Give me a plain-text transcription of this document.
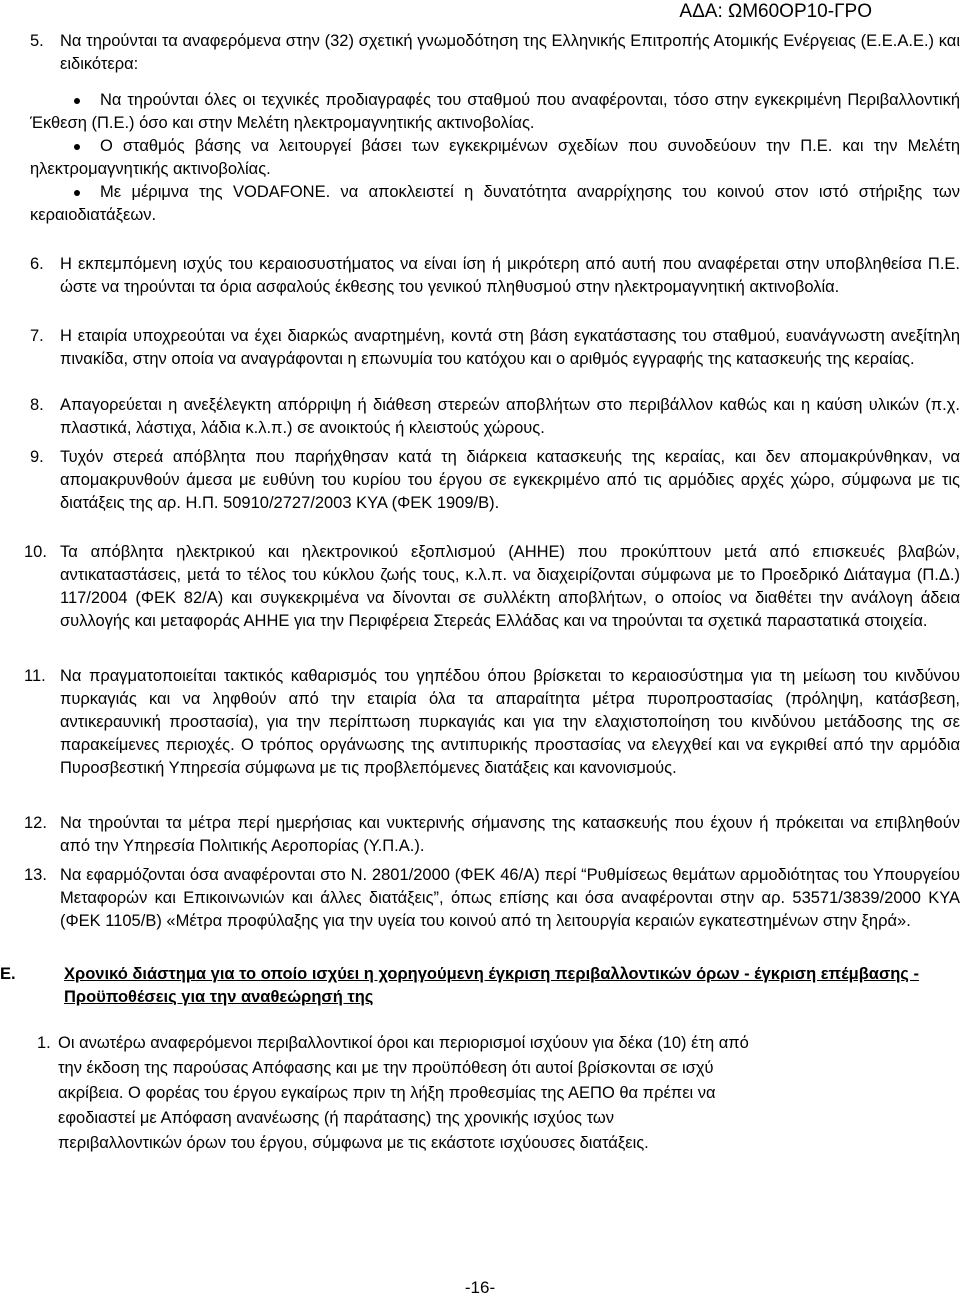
ΑΔΑ: ΩΜ60ΟΡ10-ΓΡΟ
5. Να τηρούνται τα αναφερόμενα στην (32) σχετική γνωμοδότηση της Ελληνικής Επιτροπής Ατομικής Ενέργειας (Ε.Ε.Α.Ε.) και ειδικότερα:
Να τηρούνται όλες οι τεχνικές προδιαγραφές του σταθμού που αναφέρονται, τόσο στην εγκεκριμένη Περιβαλλοντική Έκθεση (Π.Ε.) όσο και στην Μελέτη ηλεκτρομαγνητικής ακτινοβολίας.
Ο σταθμός βάσης να λειτουργεί βάσει των εγκεκριμένων σχεδίων που συνοδεύουν την Π.Ε. και την Μελέτη ηλεκτρομαγνητικής ακτινοβολίας.
Με μέριμνα της VODAFONE. να αποκλειστεί η δυνατότητα αναρρίχησης του κοινού στον ιστό στήριξης των κεραιοδιατάξεων.
6. Η εκπεμπόμενη ισχύς του κεραιοσυστήματος να είναι ίση ή μικρότερη από αυτή που αναφέρεται στην υποβληθείσα Π.Ε. ώστε να τηρούνται τα όρια ασφαλούς έκθεσης του γενικού πληθυσμού στην ηλεκτρομαγνητική ακτινοβολία.
7. Η εταιρία υποχρεούται να έχει διαρκώς αναρτημένη, κοντά στη βάση εγκατάστασης του σταθμού, ευανάγνωστη ανεξίτηλη πινακίδα, στην οποία να αναγράφονται η επωνυμία του κατόχου και ο αριθμός εγγραφής της κατασκευής της κεραίας.
8. Απαγορεύεται η ανεξέλεγκτη απόρριψη ή διάθεση στερεών αποβλήτων στο περιβάλλον καθώς και η καύση υλικών (π.χ. πλαστικά, λάστιχα, λάδια κ.λ.π.) σε ανοικτούς ή κλειστούς χώρους.
9. Τυχόν στερεά απόβλητα που παρήχθησαν κατά τη διάρκεια κατασκευής της κεραίας, και δεν απομακρύνθηκαν, να απομακρυνθούν άμεσα με ευθύνη του κυρίου του έργου σε εγκεκριμένο από τις αρμόδιες αρχές χώρο, σύμφωνα με τις διατάξεις της αρ. Η.Π. 50910/2727/2003 ΚΥΑ (ΦΕΚ 1909/Β).
10. Τα απόβλητα ηλεκτρικού και ηλεκτρονικού εξοπλισμού (ΑΗΗΕ) που προκύπτουν μετά από επισκευές βλαβών, αντικαταστάσεις, μετά το τέλος του κύκλου ζωής τους, κ.λ.π. να διαχειρίζονται σύμφωνα με το Προεδρικό Διάταγμα (Π.Δ.) 117/2004 (ΦΕΚ 82/Α) και συγκεκριμένα να δίνονται σε συλλέκτη αποβλήτων, ο οποίος να διαθέτει την ανάλογη άδεια συλλογής και μεταφοράς ΑΗΗΕ για την Περιφέρεια Στερεάς Ελλάδας και να τηρούνται τα σχετικά παραστατικά στοιχεία.
11. Να πραγματοποιείται τακτικός καθαρισμός του γηπέδου όπου βρίσκεται το κεραιοσύστημα για τη μείωση του κινδύνου πυρκαγιάς και να ληφθούν από την εταιρία όλα τα απαραίτητα μέτρα πυροπροστασίας (πρόληψη, κατάσβεση, αντικεραυνική προστασία), για την περίπτωση πυρκαγιάς και για την ελαχιστοποίηση του κινδύνου μετάδοσης της σε παρακείμενες περιοχές. Ο τρόπος οργάνωσης της αντιπυρικής προστασίας να ελεγχθεί και να εγκριθεί από την αρμόδια Πυροσβεστική Υπηρεσία σύμφωνα με τις προβλεπόμενες διατάξεις και κανονισμούς.
12. Να τηρούνται τα μέτρα περί ημερήσιας και νυκτερινής σήμανσης της κατασκευής που έχουν ή πρόκειται να επιβληθούν από την Υπηρεσία Πολιτικής Αεροπορίας (Υ.Π.Α.).
13. Να εφαρμόζονται όσα αναφέρονται στο Ν. 2801/2000 (ΦΕΚ 46/Α) περί “Ρυθμίσεως θεμάτων αρμοδιότητας του Υπουργείου Μεταφορών και Επικοινωνιών και άλλες διατάξεις”, όπως επίσης και όσα αναφέρονται στην αρ. 53571/3839/2000 ΚΥΑ (ΦΕΚ 1105/Β) «Μέτρα προφύλαξης για την υγεία του κοινού από τη λειτουργία κεραιών εγκατεστημένων στην ξηρά».
Ε.	Χρονικό διάστημα για το οποίο ισχύει η χορηγούμενη έγκριση περιβαλλοντικών όρων - έγκριση επέμβασης - Προϋποθέσεις για την αναθεώρησή της
1. Οι ανωτέρω αναφερόμενοι περιβαλλοντικοί όροι και περιορισμοί ισχύουν για δέκα (10) έτη από
την έκδοση της παρούσας Απόφασης και με την προϋπόθεση ότι αυτοί βρίσκονται σε ισχύ
ακρίβεια. Ο φορέας του έργου εγκαίρως πριν τη λήξη προθεσμίας της ΑΕΠΟ θα πρέπει να
εφοδιαστεί με Απόφαση ανανέωσης (ή παράτασης) της χρονικής ισχύος των
περιβαλλοντικών όρων του έργου, σύμφωνα με τις εκάστοτε ισχύουσες διατάξεις.
-16-
